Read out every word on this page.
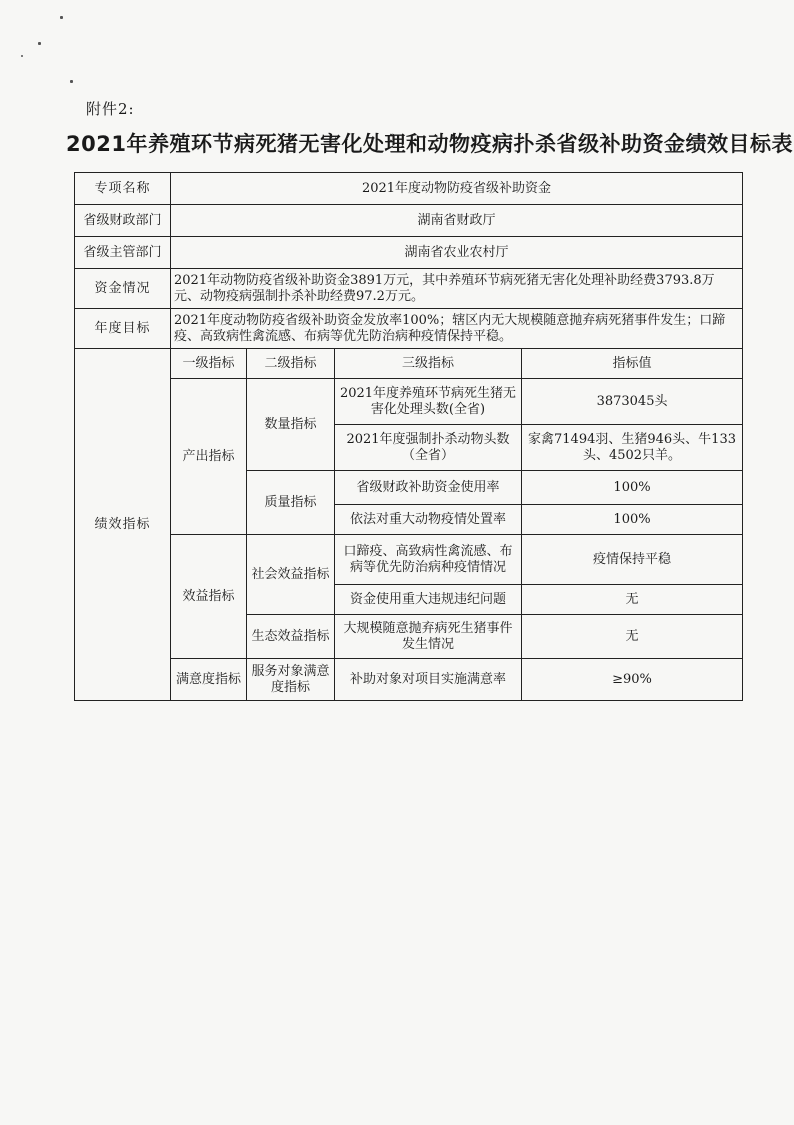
附件2:
2021年养殖环节病死猪无害化处理和动物疫病扑杀省级补助资金绩效目标表
专项名称	2021年度动物防疫省级补助资金			
省级财政部门	湖南省财政厅			
省级主管部门	湖南省农业农村厅			
资金情况	2021年动物防疫省级补助资金3891万元，其中养殖环节病死猪无害化处理补助经费3793.8万元、动物疫病强制扑杀补助经费97.2万元。			
年度目标	2021年度动物防疫省级补助资金发放率100%；辖区内无大规模随意抛弃病死猪事件发生；口蹄疫、高致病性禽流感、布病等优先防治病种疫情保持平稳。			
绩效指标	一级指标	二级指标	三级指标	指标值
	产出指标	数量指标	2021年度养殖环节病死生猪无害化处理头数(全省)	3873045头
			2021年度强制扑杀动物头数（全省）	家禽71494羽、生猪946头、牛133头、4502只羊。
		质量指标	省级财政补助资金使用率	100%
			依法对重大动物疫情处置率	100%
	效益指标	社会效益指标	口蹄疫、高致病性禽流感、布病等优先防治病种疫情情况	疫情保持平稳
			资金使用重大违规违纪问题	无
		生态效益指标	大规模随意抛弃病死生猪事件发生情况	无
	满意度指标	服务对象满意度指标	补助对象对项目实施满意率	≥90%
